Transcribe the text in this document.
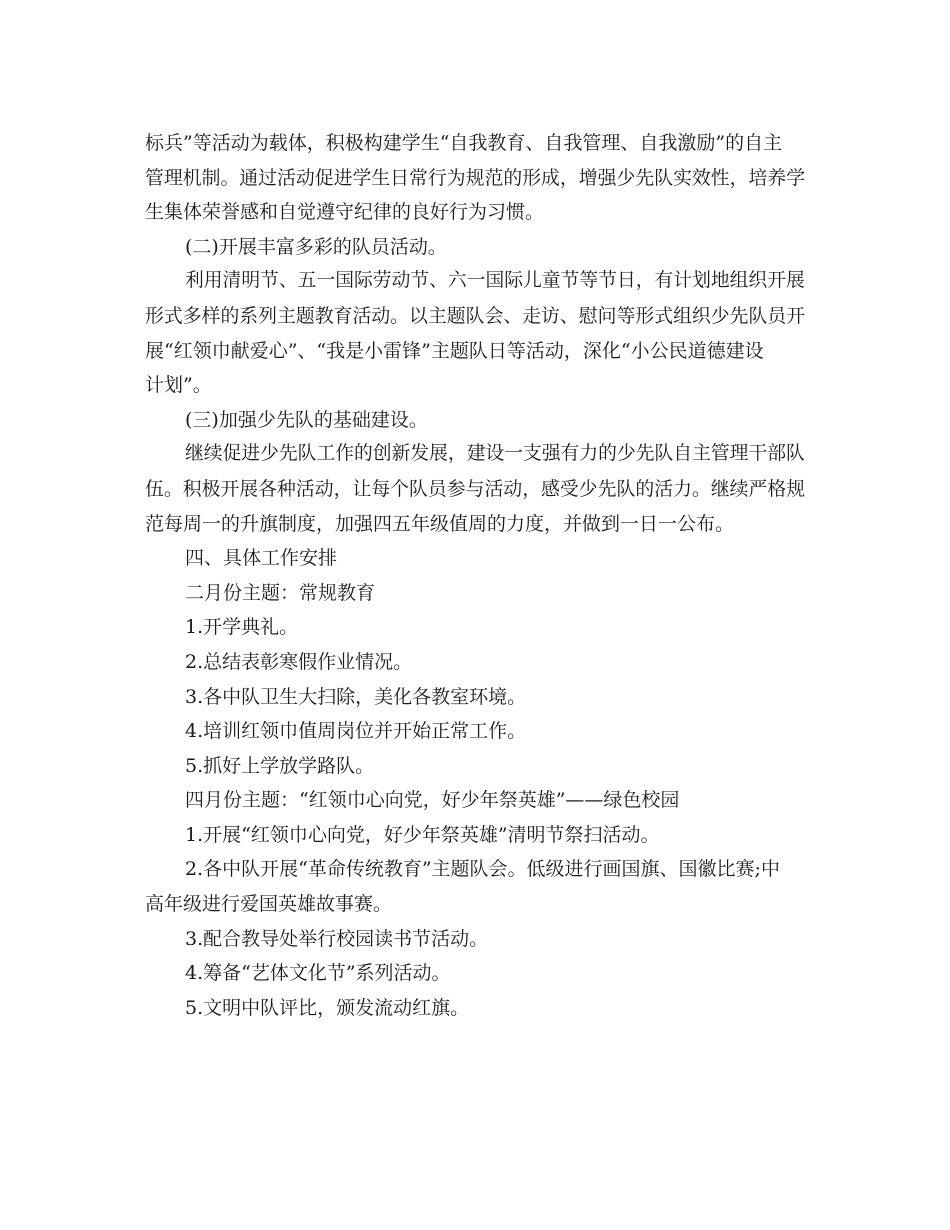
标兵”等活动为载体，积极构建学生“自我教育、自我管理、自我激励”的自主
管理机制。通过活动促进学生日常行为规范的形成，增强少先队实效性，培养学
生集体荣誉感和自觉遵守纪律的良好行为习惯。
(二)开展丰富多彩的队员活动。
利用清明节、五一国际劳动节、六一国际儿童节等节日，有计划地组织开展
形式多样的系列主题教育活动。以主题队会、走访、慰问等形式组织少先队员开
展“红领巾献爱心”、“我是小雷锋”主题队日等活动，深化“小公民道德建设
计划”。
(三)加强少先队的基础建设。
继续促进少先队工作的创新发展，建设一支强有力的少先队自主管理干部队
伍。积极开展各种活动，让每个队员参与活动，感受少先队的活力。继续严格规
范每周一的升旗制度，加强四五年级值周的力度，并做到一日一公布。
四、具体工作安排
二月份主题：常规教育
1.开学典礼。
2.总结表彰寒假作业情况。
3.各中队卫生大扫除，美化各教室环境。
4.培训红领巾值周岗位并开始正常工作。
5.抓好上学放学路队。
四月份主题：“红领巾心向党，好少年祭英雄”——绿色校园
1.开展“红领巾心向党，好少年祭英雄”清明节祭扫活动。
2.各中队开展“革命传统教育”主题队会。低级进行画国旗、国徽比赛;中
高年级进行爱国英雄故事赛。
3.配合教导处举行校园读书节活动。
4.筹备“艺体文化节”系列活动。
5.文明中队评比，颁发流动红旗。
